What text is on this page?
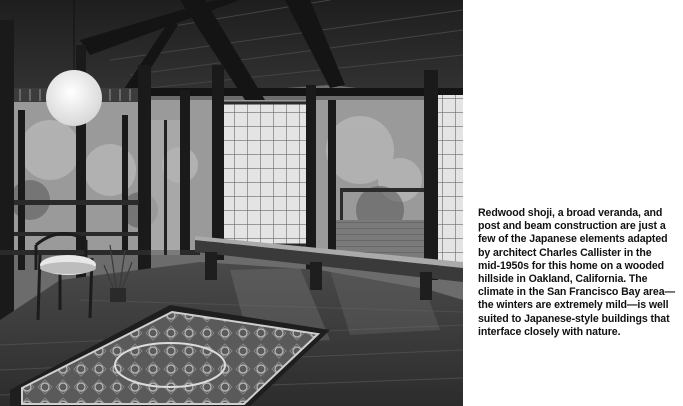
Redwood shoji, a broad veranda, and post and beam construction are just a few of the Japanese elements adapted by architect Charles Callister in the mid-1950s for this home on a wooded hillside in Oakland, California. The climate in the San Francisco Bay area—the winters are extremely mild—is well suited to Japanese-style buildings that interface closely with nature.
